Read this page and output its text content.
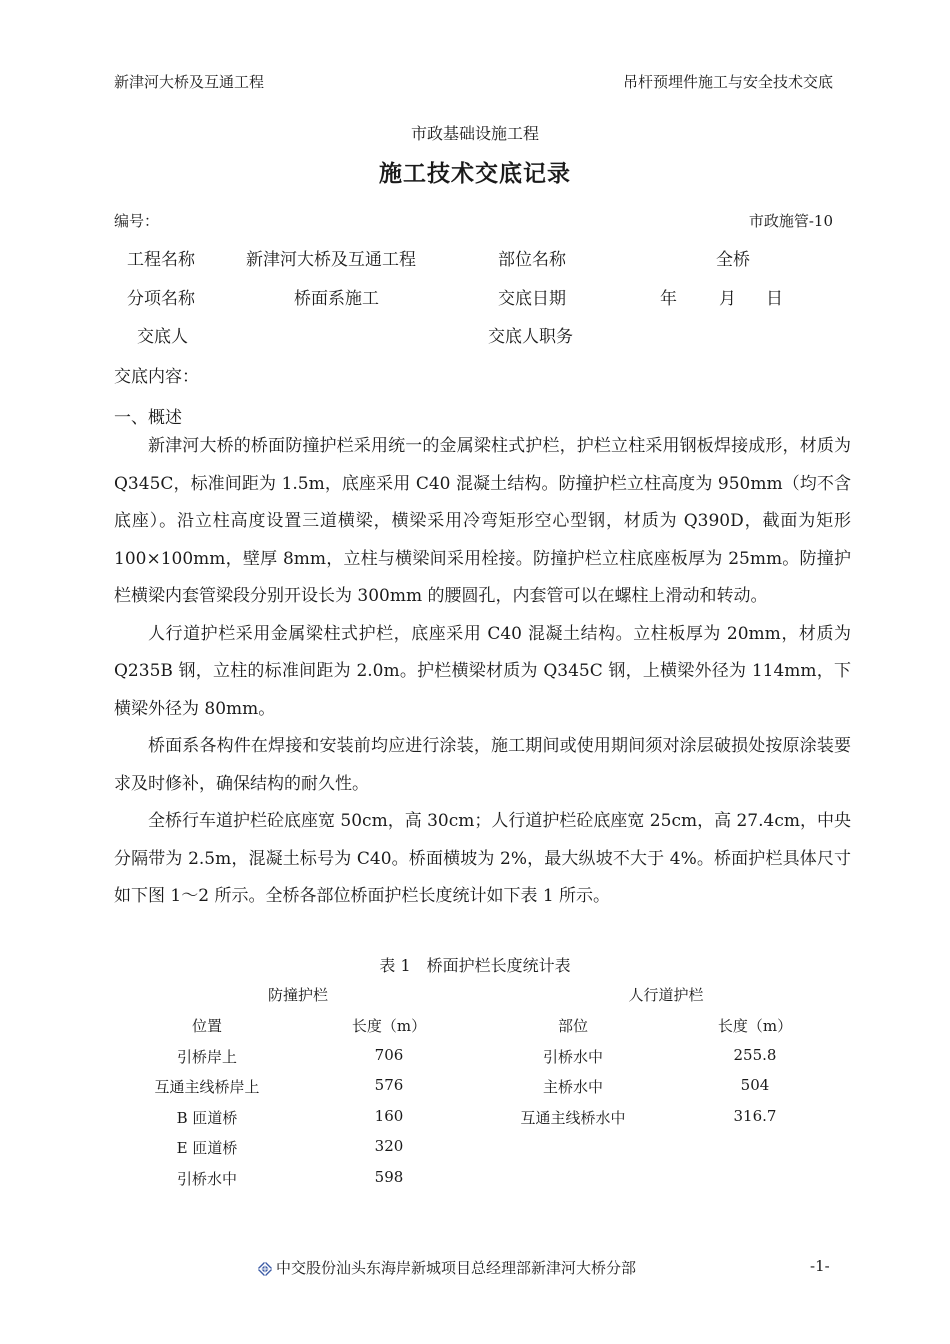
新津河大桥及互通工程	吊杆预埋件施工与安全技术交底
市政基础设施工程
施工技术交底记录
编号：	市政施管-10
工程名称	新津河大桥及互通工程	部位名称	全桥
分项名称	桥面系施工	交底日期	年 月 日
交底人	交底人职务
交底内容：
一、概述

新津河大桥的桥面防撞护栏采用统一的金属梁柱式护栏，护栏立柱采用钢板焊接成形，材质为 Q345C，标准间距为 1.5m，底座采用 C40 混凝土结构。防撞护栏立柱高度为 950mm（均不含底座）。沿立柱高度设置三道横梁，横梁采用冷弯矩形空心型钢，材质为 Q390D，截面为矩形 100×100mm，壁厚 8mm，立柱与横梁间采用栓接。防撞护栏立柱底座板厚为 25mm。防撞护栏横梁内套管梁段分别开设长为 300mm 的腰圆孔，内套管可以在螺柱上滑动和转动。

人行道护栏采用金属梁柱式护栏，底座采用 C40 混凝土结构。立柱板厚为 20mm，材质为 Q235B 钢，立柱的标准间距为 2.0m。护栏横梁材质为 Q345C 钢，上横梁外径为 114mm，下横梁外径为 80mm。

桥面系各构件在焊接和安装前均应进行涂装，施工期间或使用期间须对涂层破损处按原涂装要求及时修补，确保结构的耐久性。

全桥行车道护栏砼底座宽 50cm，高 30cm；人行道护栏砼底座宽 25cm，高 27.4cm，中央分隔带为 2.5m，混凝土标号为 C40。桥面横坡为 2%，最大纵坡不大于 4%。桥面护栏具体尺寸如下图 1～2 所示。全桥各部位桥面护栏长度统计如下表 1 所示。

表 1　桥面护栏长度统计表
防撞护栏	人行道护栏
位置	长度（m）	部位	长度（m）
引桥岸上	706	引桥水中	255.8
互通主线桥岸上	576	主桥水中	504
B 匝道桥	160	互通主线桥水中	316.7
E 匝道桥	320
引桥水中	598
中交股份汕头东海岸新城项目总经理部新津河大桥分部	-1-
